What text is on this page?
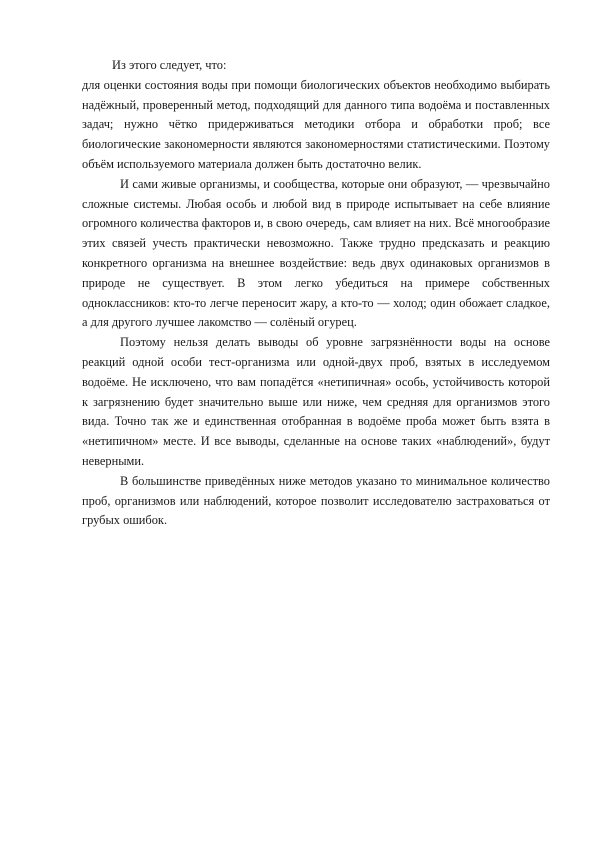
Из этого следует, что:

для оценки состояния воды при помощи биологических объектов необходимо выбирать надёжный, проверенный метод, подходящий для данного типа водоёма и поставленных задач; нужно чётко придерживаться методики отбора и обработки проб; все биологические закономерности являются закономерностями статистическими. Поэтому объём используемого материала должен быть достаточно велик.

И сами живые организмы, и сообщества, которые они образуют, — чрезвычайно сложные системы. Любая особь и любой вид в природе испытывает на себе влияние огромного количества факторов и, в свою очередь, сам влияет на них. Всё многообразие этих связей учесть практически невозможно. Также трудно предсказать и реакцию конкретного организма на внешнее воздействие: ведь двух одинаковых организмов в природе не существует. В этом легко убедиться на примере собственных одноклассников: кто-то легче переносит жару, а кто-то — холод; один обожает сладкое, а для другого лучшее лакомство — солёный огурец.

Поэтому нельзя делать выводы об уровне загрязнённости воды на основе реакций одной особи тест-организма или одной-двух проб, взятых в исследуемом водоёме. Не исключено, что вам попадётся «нетипичная» особь, устойчивость которой к загрязнению будет значительно выше или ниже, чем средняя для организмов этого вида. Точно так же и единственная отобранная в водоёме проба может быть взята в «нетипичном» месте. И все выводы, сделанные на основе таких «наблюдений», будут неверными.

В большинстве приведённых ниже методов указано то минимальное количество проб, организмов или наблюдений, которое позволит исследователю застраховаться от грубых ошибок.
